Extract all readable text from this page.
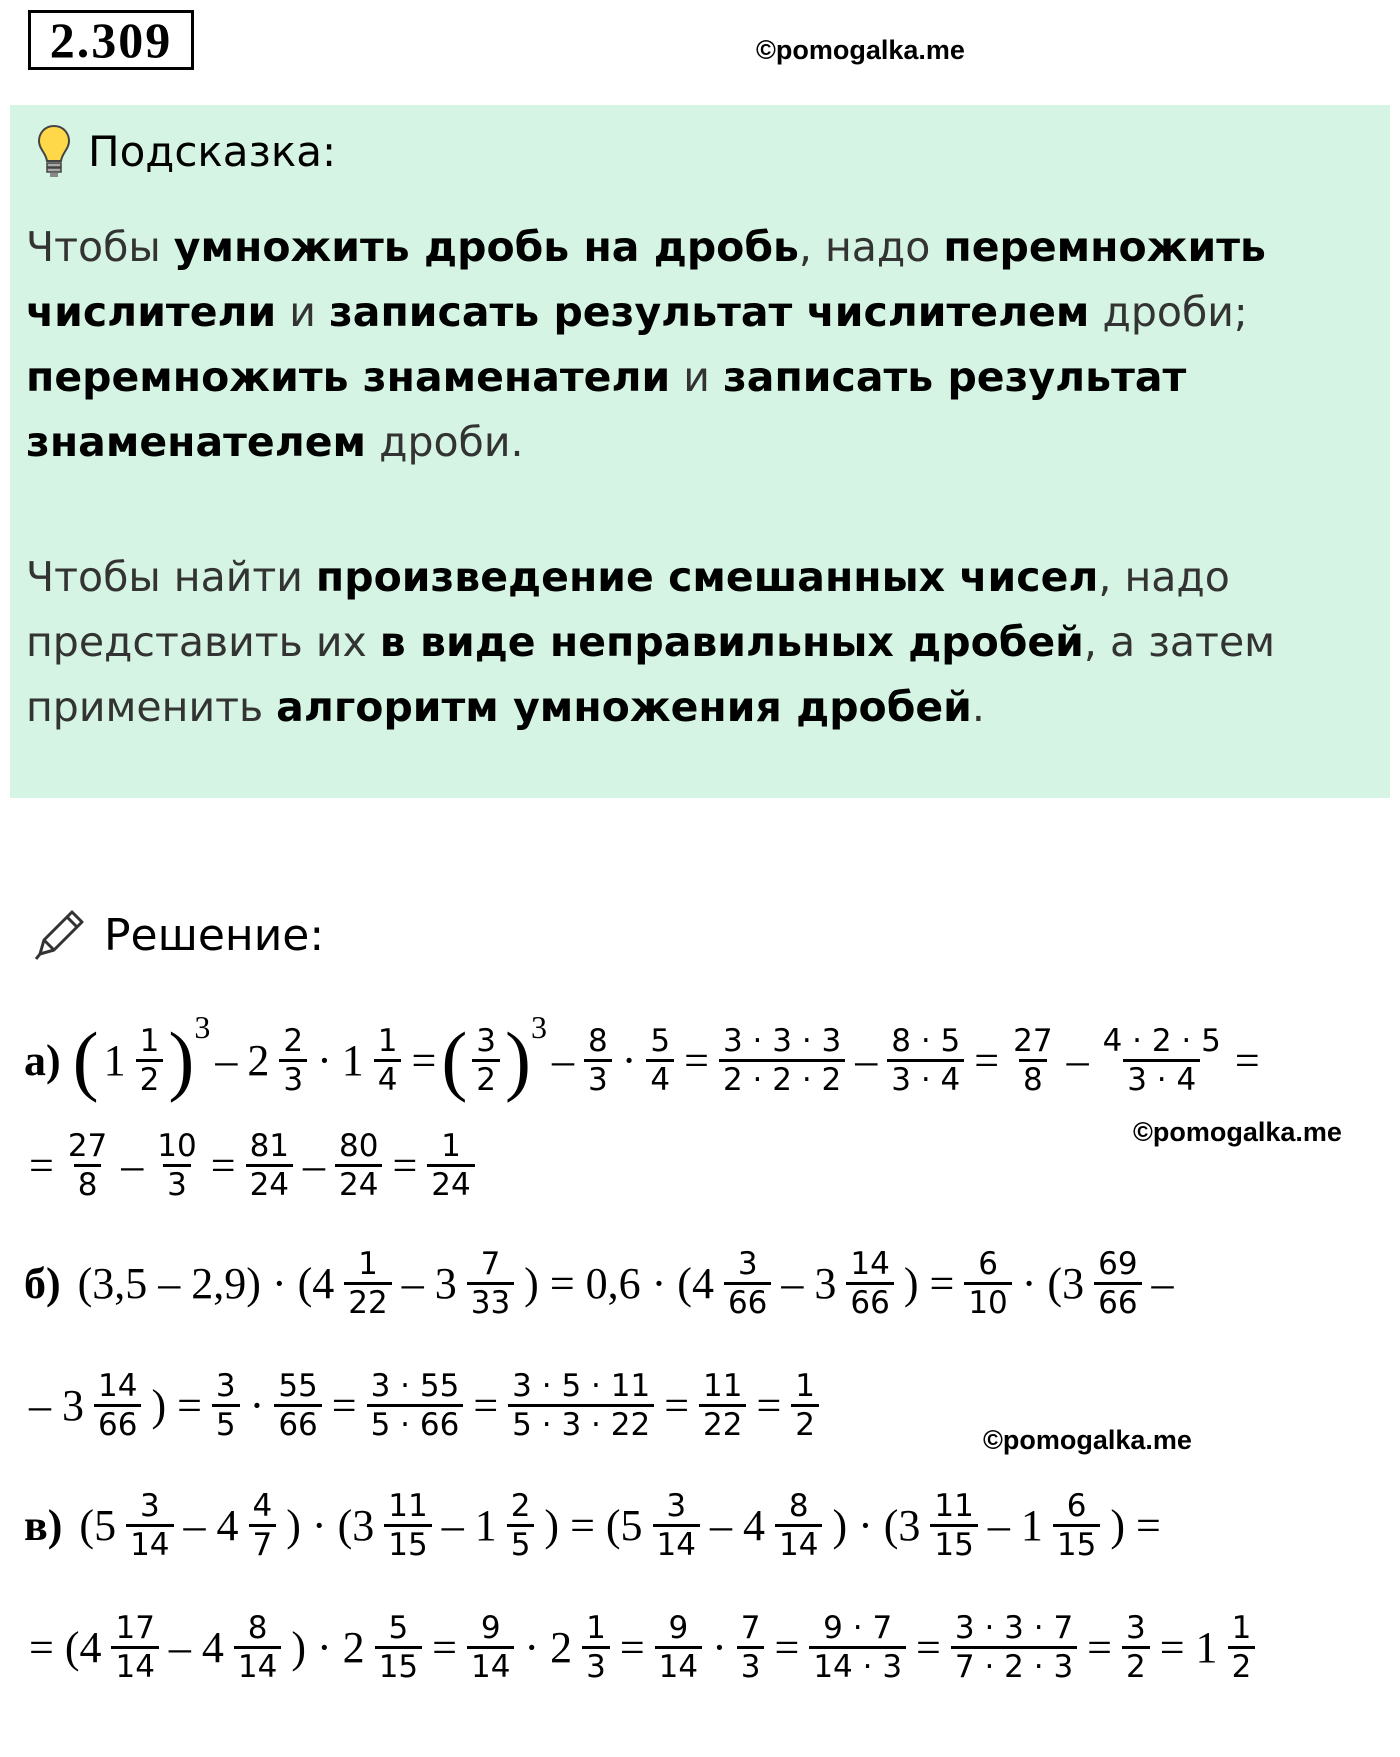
2.309	©pomogalka.me
Подсказка:
Чтобы умножить дробь на дробь, надо перемножить числители и записать результат числителем дроби; перемножить знаменатели и записать результат знаменателем дроби.
Чтобы найти произведение смешанных чисел, надо представить их в виде неправильных дробей, а затем применить алгоритм умножения дробей.
Решение:
а) ( $1 \frac{1}{2}$ ) 3
– $2 \frac{2}{3} \cdot 1 \frac{1}{4}$ = ( $\frac{3}{2}$ ) 3
– $\frac{8}{3} \cdot \frac{5}{4} = \frac{3 \cdot 3 \cdot 3}{2 \cdot 2 \cdot 2} - \frac{8 \cdot 5}{3 \cdot 4} = \frac{27}{8} - \frac{4 \cdot 2 \cdot 5}{3 \cdot 4}$ =
= $\frac{27}{8} - \frac{10}{3} = \frac{81}{24} - \frac{80}{24} = \frac{1}{24}$	©pomogalka.me
б) $(3,5 - 2,9) \cdot (4 \frac{1}{22} - 3 \frac{7}{33}$ ) = $0,6 \cdot (4 \frac{3}{66} - 3 \frac{14}{66}$ ) = $\frac{6}{10} \cdot (3 \frac{69}{66}$ –
– $3 \frac{14}{66}$ ) = $\frac{3}{5} \cdot \frac{55}{66} = \frac{3 \cdot 55}{5 \cdot 66} = \frac{3 \cdot 5 \cdot 11}{5 \cdot 3 \cdot 22} = \frac{11}{22} = \frac{1}{2}$	©pomogalka.me
в) ($5 \frac{3}{14} - 4 \frac{4}{7}$ ) · ($3 \frac{11}{15} - 1 \frac{2}{5}$ ) = ($5 \frac{3}{14} - 4 \frac{8}{14}$ ) · ($3 \frac{11}{15} - 1 \frac{6}{15}$ ) =
= ($4 \frac{17}{14} - 4 \frac{8}{14}$ ) · $2 \frac{5}{15} = \frac{9}{14} \cdot 2 \frac{1}{3} = \frac{9}{14} \cdot \frac{7}{3} = \frac{9 \cdot 7}{14 \cdot 3} = \frac{3 \cdot 3 \cdot 7}{7 \cdot 2 \cdot 3} = \frac{3}{2} = 1 \frac{1}{2}$
